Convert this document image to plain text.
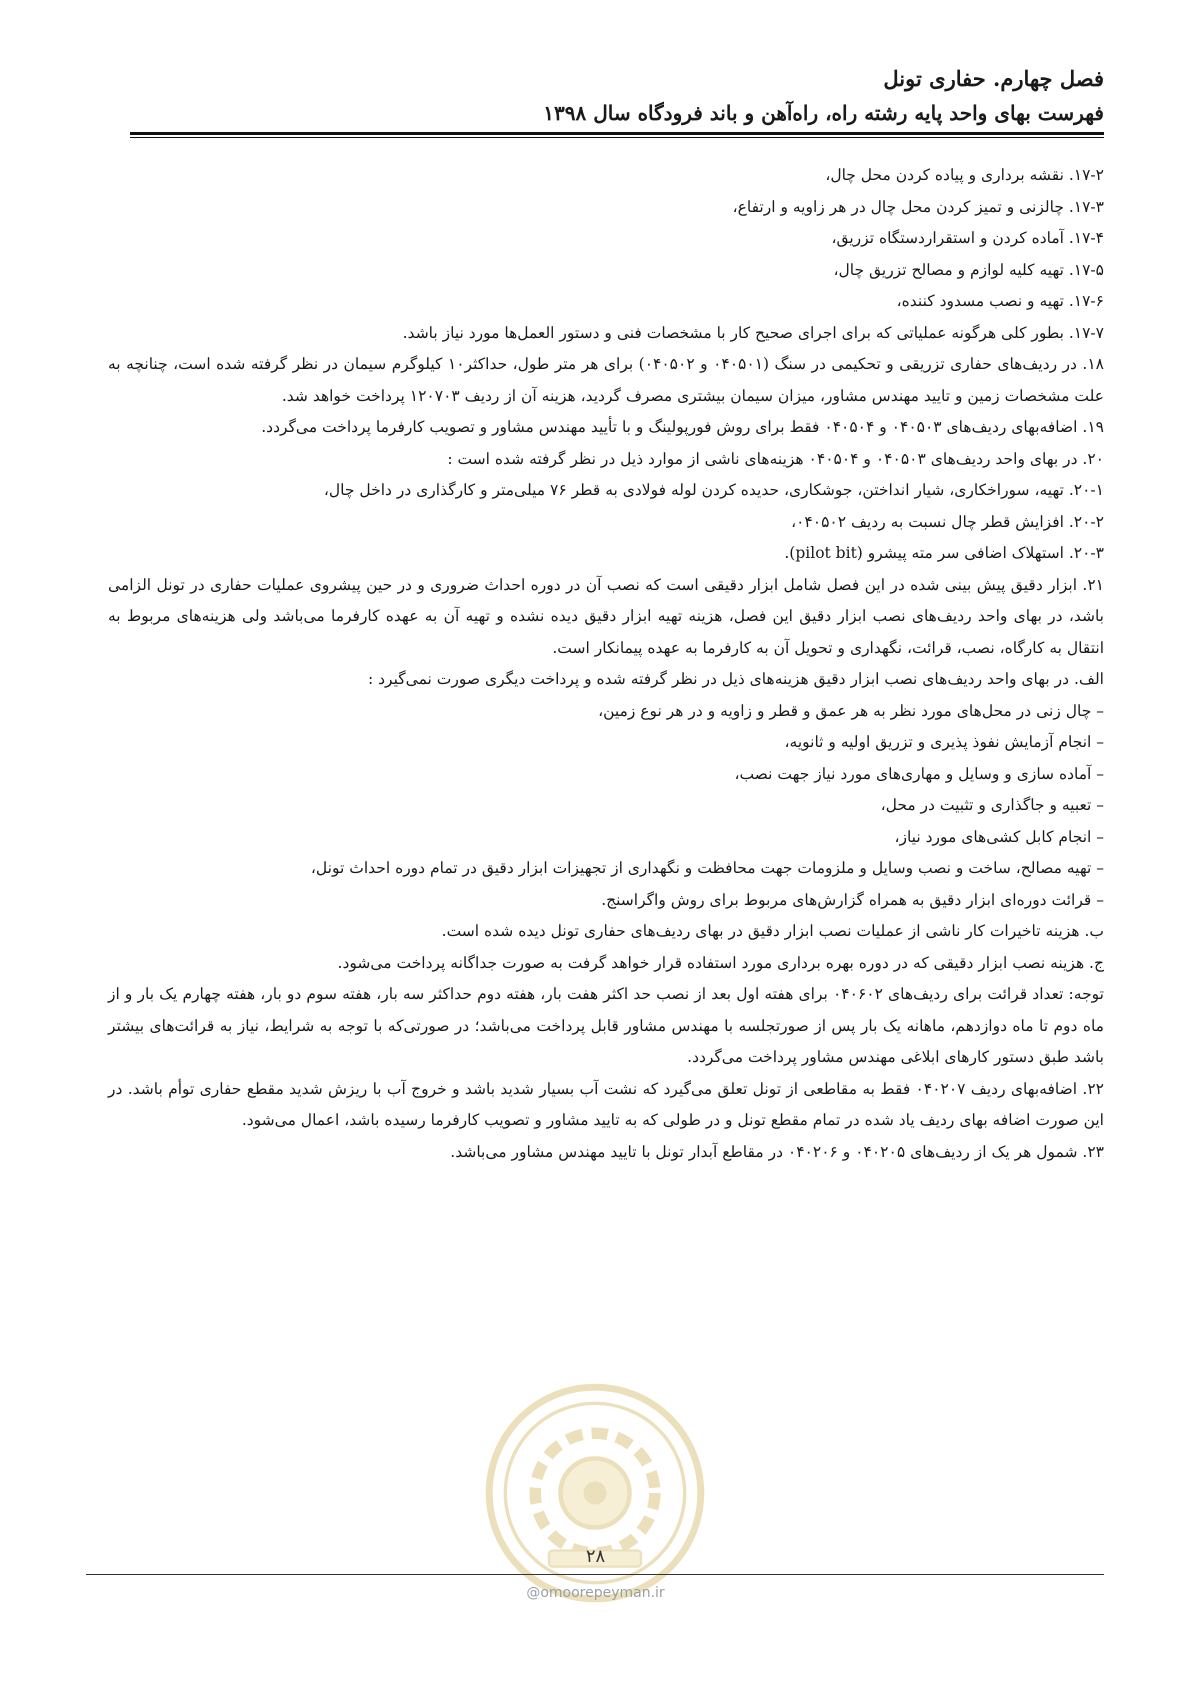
فصل چهارم. حفاری تونل
فهرست بهای واحد پایه رشته راه، راه‌آهن و باند فرودگاه سال ۱۳۹۸

۱۷-۲. نقشه برداری و پیاده کردن محل چال،

۱۷-۳. چالزنی و تمیز کردن محل چال در هر زاویه و ارتفاع،

۱۷-۴. آماده کردن و استقراردستگاه تزریق،

۱۷-۵. تهیه کلیه لوازم و مصالح تزریق چال،

۱۷-۶. تهیه و نصب مسدود کننده،

۱۷-۷. بطور کلی هرگونه عملیاتی که برای اجرای صحیح کار با مشخصات فنی و دستور العمل‌ها مورد نیاز باشد.

۱۸. در ردیف‌های حفاری تزریقی و تحکیمی در سنگ (۰۴۰۵۰۱ و ۰۴۰۵۰۲) برای هر متر طول، حداکثر۱۰ کیلوگرم سیمان در نظر گرفته شده است، چنانچه به علت مشخصات زمین و تایید مهندس مشاور، میزان سیمان بیشتری مصرف گردید، هزینه آن از ردیف ۱۲۰۷۰۳ پرداخت خواهد شد.

۱۹. اضافه‌بهای ردیف‌های ۰۴۰۵۰۳ و ۰۴۰۵۰۴ فقط برای روش فورپولینگ و با تأیید مهندس مشاور و تصویب کارفرما پرداخت می‌گردد.

۲۰. در بهای واحد ردیف‌های ۰۴۰۵۰۳ و ۰۴۰۵۰۴ هزینه‌های ناشی از موارد ذیل در نظر گرفته شده است :

۲۰-۱. تهیه، سوراخکاری، شیار انداختن، جوشکاری، حدیده کردن لوله فولادی به قطر ۷۶ میلی‌متر و کارگذاری در داخل چال،

۲۰-۲. افزایش قطر چال نسبت به ردیف ۰۴۰۵۰۲،

۲۰-۳. استهلاک اضافی سر مته پیشرو (pilot bit).

۲۱. ابزار دقیق پیش بینی شده در این فصل شامل ابزار دقیقی است که نصب آن در دوره احداث ضروری و در حین پیشروی عملیات حفاری در تونل الزامی باشد، در بهای واحد ردیف‌های نصب ابزار دقیق این فصل، هزینه تهیه ابزار دقیق دیده نشده و تهیه آن به عهده کارفرما می‌باشد ولی هزینه‌های مربوط به انتقال به کارگاه، نصب، قرائت، نگهداری و تحویل آن به کارفرما به عهده پیمانکار است.

الف. در بهای واحد ردیف‌های نصب ابزار دقیق هزینه‌های ذیل در نظر گرفته شده و پرداخت دیگری صورت نمی‌گیرد :

– چال زنی در محل‌های مورد نظر به هر عمق و قطر و زاویه و در هر نوع زمین،

– انجام آزمایش نفوذ پذیری و تزریق اولیه و ثانویه،

– آماده سازی و وسایل و مهاری‌های مورد نیاز جهت نصب،

– تعبیه و جاگذاری و تثبیت در محل،

– انجام کابل کشی‌های مورد نیاز،

– تهیه مصالح، ساخت و نصب وسایل و ملزومات جهت محافظت و نگهداری از تجهیزات ابزار دقیق در تمام دوره احداث تونل،

– قرائت دوره‌ای ابزار دقیق به همراه گزارش‌های مربوط برای روش واگراسنج.

ب. هزینه تاخیرات کار ناشی از عملیات نصب ابزار دقیق در بهای ردیف‌های حفاری تونل دیده شده است.

ج. هزینه نصب ابزار دقیقی که در دوره بهره برداری مورد استفاده قرار خواهد گرفت به صورت جداگانه پرداخت می‌شود.

توجه: تعداد قرائت برای ردیف‌های ۰۴۰۶۰۲ برای هفته اول بعد از نصب حد اکثر هفت بار، هفته دوم حداکثر سه بار، هفته سوم دو بار، هفته چهارم یک بار و از ماه دوم تا ماه دوازدهم، ماهانه یک بار پس از صورتجلسه با مهندس مشاور قابل پرداخت می‌باشد؛ در صورتی‌که با توجه به شرایط، نیاز به قرائت‌های بیشتر باشد طبق دستور کارهای ابلاغی مهندس مشاور پرداخت می‌گردد.

۲۲. اضافه‌بهای ردیف ۰۴۰۲۰۷ فقط به مقاطعی از تونل تعلق می‌گیرد که نشت آب بسیار شدید باشد و خروج آب با ریزش شدید مقطع حفاری توأم باشد. در این صورت اضافه بهای ردیف یاد شده در تمام مقطع تونل و در طولی که به تایید مشاور و تصویب کارفرما رسیده باشد، اعمال می‌شود.

۲۳. شمول هر یک از ردیف‌های ۰۴۰۲۰۵ و ۰۴۰۲۰۶ در مقاطع آبدار تونل با تایید مهندس مشاور می‌باشد.

۲۸
@omoorepeyman.ir
